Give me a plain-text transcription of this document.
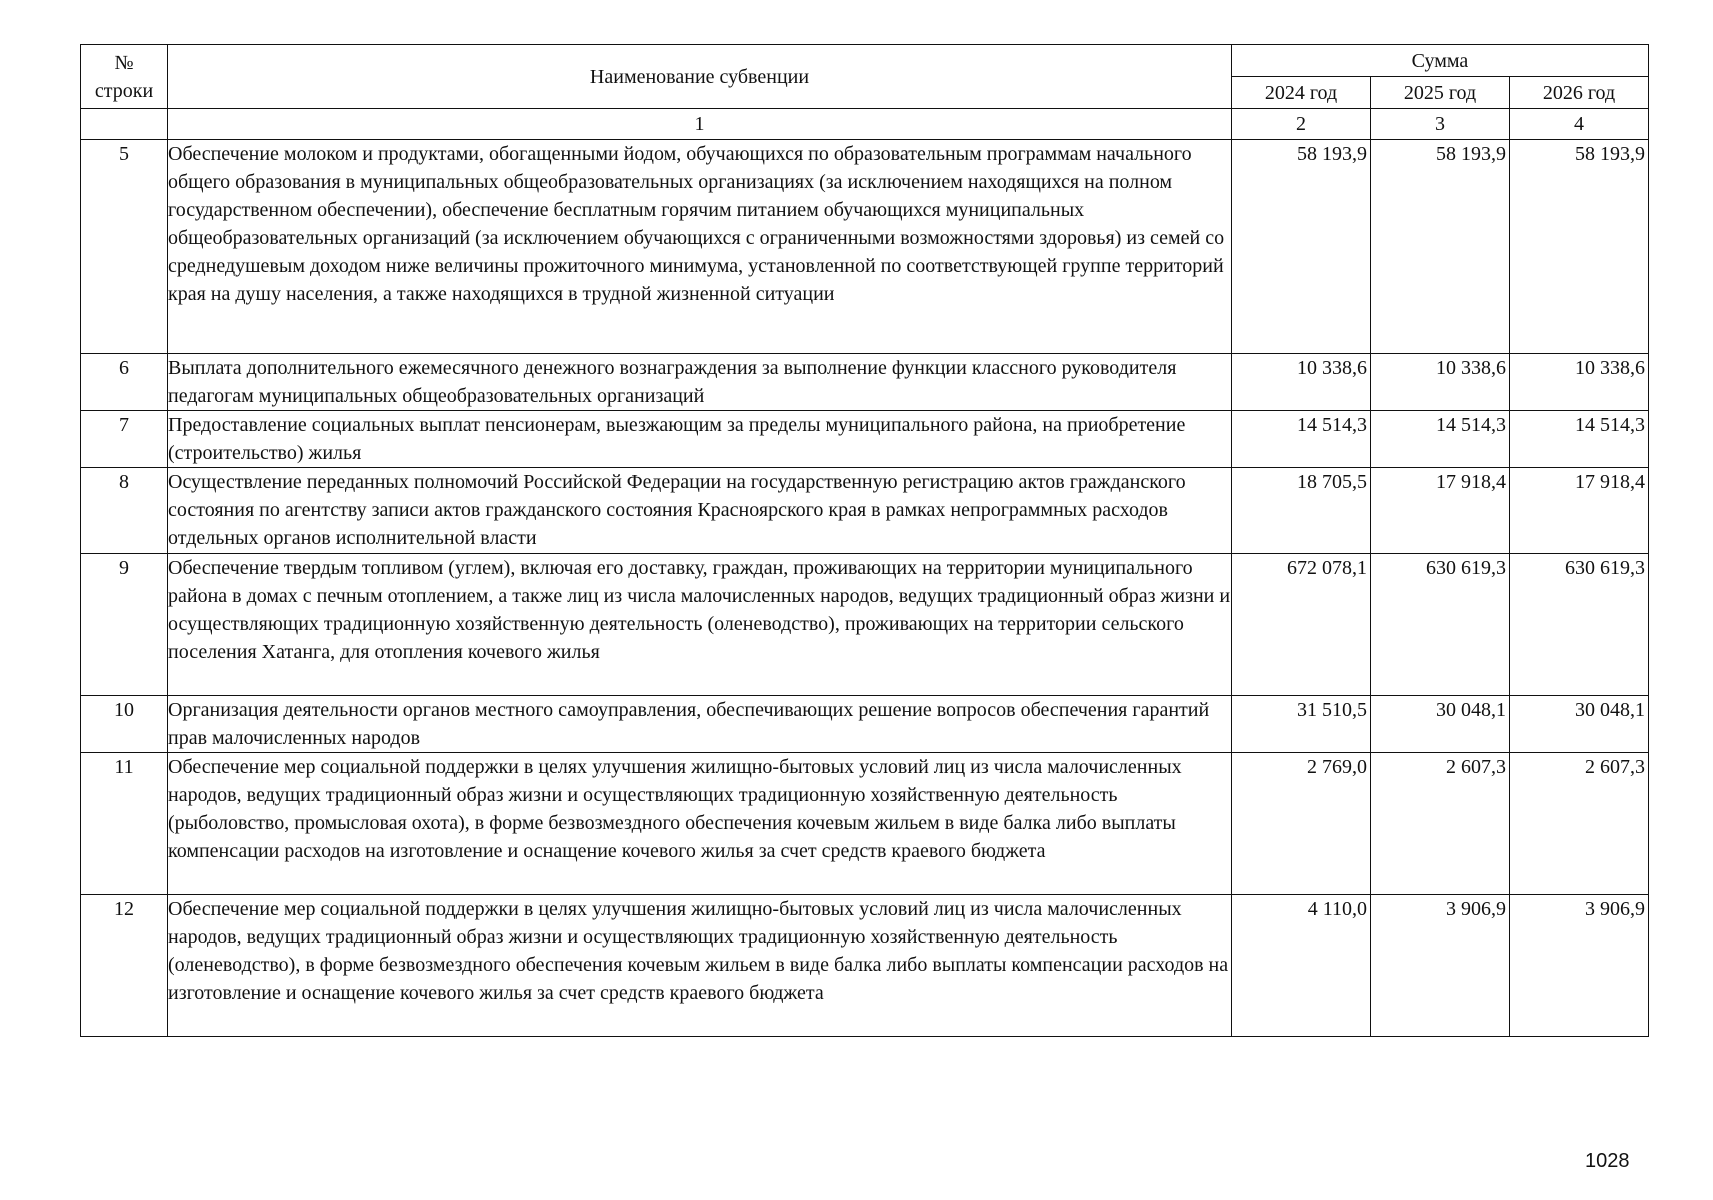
№
строки	Наименование субвенции	Сумма		
		2024 год	2025 год	2026 год
	1	2	3	4
5	Обеспечение молоком и продуктами, обогащенными йодом, обучающихся по образовательным программам начального общего образования в муниципальных общеобразовательных организациях (за исключением находящихся на полном государственном обеспечении), обеспечение бесплатным горячим питанием обучающихся муниципальных общеобразовательных организаций (за исключением обучающихся с ограниченными возможностями здоровья) из семей со среднедушевым доходом ниже величины прожиточного минимума, установленной по соответствующей группе территорий края на душу населения, а также находящихся в трудной жизненной ситуации	58 193,9	58 193,9	58 193,9
6	Выплата дополнительного ежемесячного денежного вознаграждения за выполнение функции классного руководителя педагогам муниципальных общеобразовательных организаций	10 338,6	10 338,6	10 338,6
7	Предоставление социальных выплат пенсионерам, выезжающим за пределы муниципального района, на приобретение (строительство) жилья	14 514,3	14 514,3	14 514,3
8	Осуществление переданных полномочий Российской Федерации на государственную регистрацию актов гражданского состояния по агентству записи актов гражданского состояния Красноярского края в рамках непрограммных расходов отдельных органов исполнительной власти	18 705,5	17 918,4	17 918,4
9	Обеспечение твердым топливом (углем), включая его доставку, граждан, проживающих на территории муниципального района в домах с печным отоплением, а также лиц из числа малочисленных народов, ведущих традиционный образ жизни и осуществляющих традиционную хозяйственную деятельность (оленеводство), проживающих на территории сельского поселения Хатанга, для отопления кочевого жилья	672 078,1	630 619,3	630 619,3
10	Организация деятельности органов местного самоуправления, обеспечивающих решение вопросов обеспечения гарантий прав малочисленных народов	31 510,5	30 048,1	30 048,1
11	Обеспечение мер социальной поддержки в целях улучшения жилищно-бытовых условий лиц из числа малочисленных народов, ведущих традиционный образ жизни и осуществляющих традиционную хозяйственную деятельность (рыболовство, промысловая охота), в форме безвозмездного обеспечения кочевым жильем в виде балка либо выплаты компенсации расходов на изготовление и оснащение кочевого жилья за счет средств краевого бюджета	2 769,0	2 607,3	2 607,3
12	Обеспечение мер социальной поддержки в целях улучшения жилищно-бытовых условий лиц из числа малочисленных народов, ведущих традиционный образ жизни и осуществляющих традиционную хозяйственную деятельность (оленеводство), в форме безвозмездного обеспечения кочевым жильем в виде балка либо выплаты компенсации расходов на изготовление и оснащение кочевого жилья за счет средств краевого бюджета	4 110,0	3 906,9	3 906,9
1028
